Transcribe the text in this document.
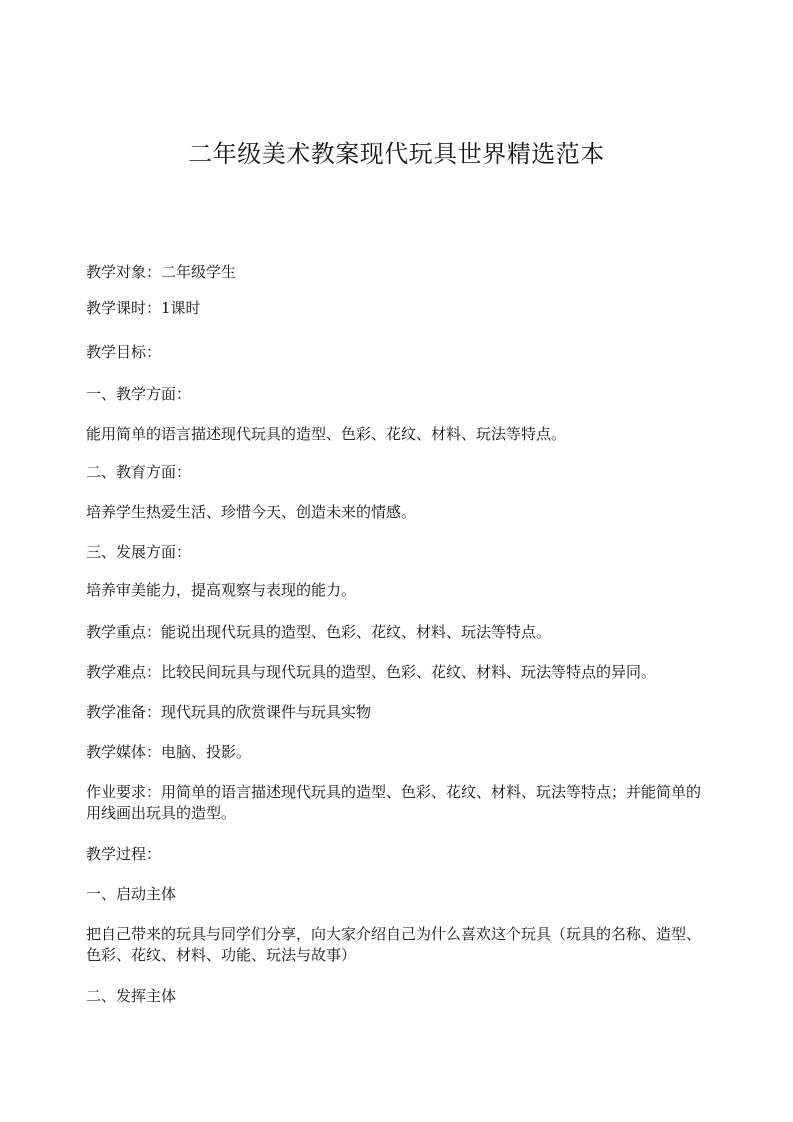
二年级美术教案现代玩具世界精选范本

教学对象：二年级学生

教学课时：1课时

教学目标：

一、教学方面：

能用简单的语言描述现代玩具的造型、色彩、花纹、材料、玩法等特点。

二、教育方面：

培养学生热爱生活、珍惜今天、创造未来的情感。

三、发展方面：

培养审美能力，提高观察与表现的能力。

教学重点：能说出现代玩具的造型、色彩、花纹、材料、玩法等特点。

教学难点：比较民间玩具与现代玩具的造型、色彩、花纹、材料、玩法等特点的异同。

教学准备：现代玩具的欣赏课件与玩具实物

教学媒体：电脑、投影。

作业要求：用简单的语言描述现代玩具的造型、色彩、花纹、材料、玩法等特点；并能简单的用线画出玩具的造型。

教学过程：

一、启动主体

把自己带来的玩具与同学们分享，向大家介绍自己为什么喜欢这个玩具（玩具的名称、造型、色彩、花纹、材料、功能、玩法与故事）

二、发挥主体
